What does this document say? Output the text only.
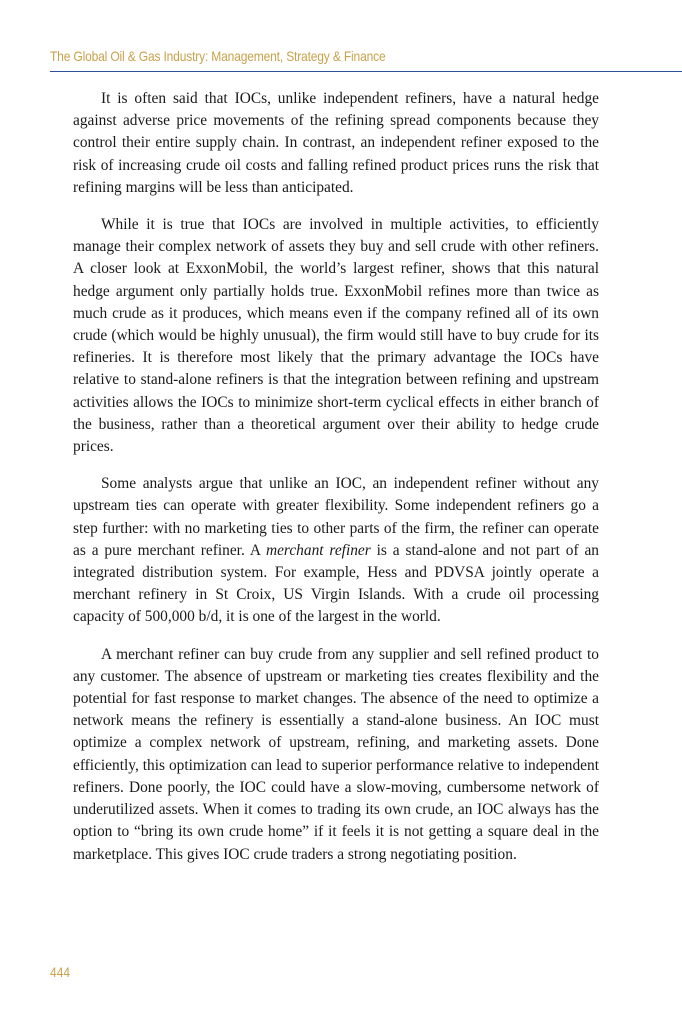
The Global Oil & Gas Industry: Management, Strategy & Finance

It is often said that IOCs, unlike independent refiners, have a natural hedge against adverse price movements of the refining spread components because they control their entire supply chain. In contrast, an independent refiner exposed to the risk of increasing crude oil costs and falling refined product prices runs the risk that refining margins will be less than anticipated.

While it is true that IOCs are involved in multiple activities, to efficiently manage their complex network of assets they buy and sell crude with other refiners. A closer look at ExxonMobil, the world’s largest refiner, shows that this natural hedge argument only partially holds true. ExxonMobil refines more than twice as much crude as it produces, which means even if the company refined all of its own crude (which would be highly unusual), the firm would still have to buy crude for its refineries. It is therefore most likely that the primary advantage the IOCs have relative to stand-alone refiners is that the integration between refining and upstream activities allows the IOCs to minimize short-term cyclical effects in either branch of the business, rather than a theoretical argument over their ability to hedge crude prices.

Some analysts argue that unlike an IOC, an independent refiner without any upstream ties can operate with greater flexibility. Some independent refiners go a step further: with no marketing ties to other parts of the firm, the refiner can operate as a pure merchant refiner. A merchant refiner is a stand-alone and not part of an integrated distribution system. For example, Hess and PDVSA jointly operate a merchant refinery in St Croix, US Virgin Islands. With a crude oil processing capacity of 500,000 b/d, it is one of the largest in the world.

A merchant refiner can buy crude from any supplier and sell refined product to any customer. The absence of upstream or marketing ties creates flexibility and the potential for fast response to market changes. The absence of the need to optimize a network means the refinery is essentially a stand-alone business. An IOC must optimize a complex network of upstream, refining, and marketing assets. Done efficiently, this optimization can lead to superior performance relative to independent refiners. Done poorly, the IOC could have a slow-moving, cumbersome network of underutilized assets. When it comes to trading its own crude, an IOC always has the option to “bring its own crude home” if it feels it is not getting a square deal in the marketplace. This gives IOC crude traders a strong negotiating position.

444
